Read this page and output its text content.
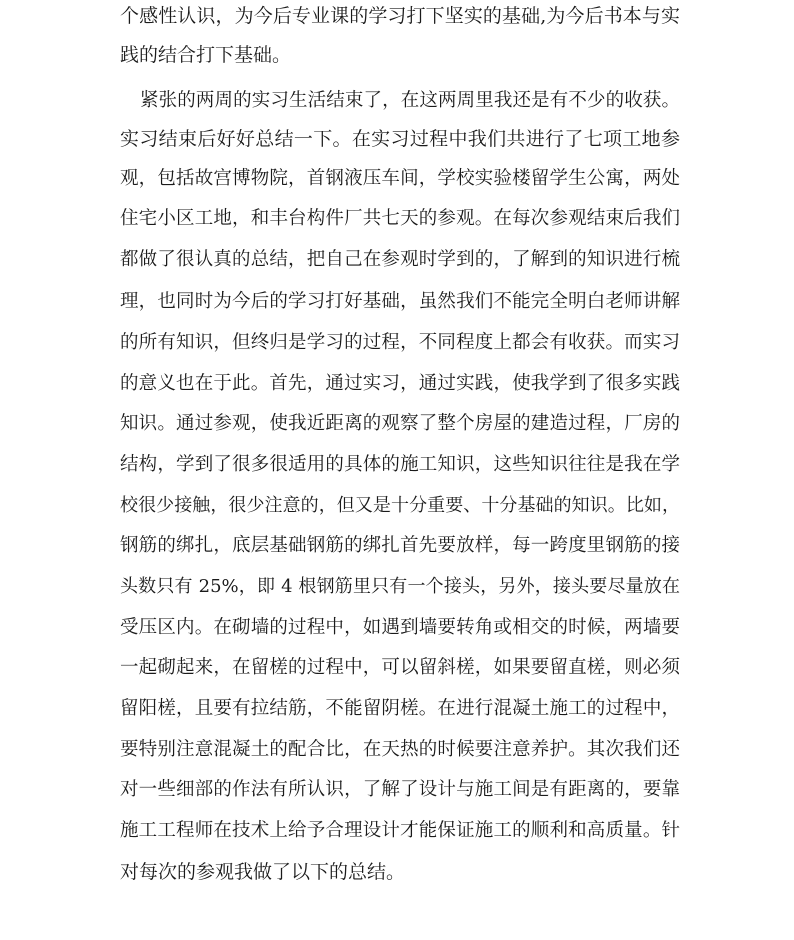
个感性认识，为今后专业课的学习打下坚实的基础,为今后书本与实
践的结合打下基础。
紧张的两周的实习生活结束了，在这两周里我还是有不少的收获。
实习结束后好好总结一下。在实习过程中我们共进行了七项工地参
观，包括故宫博物院，首钢液压车间，学校实验楼留学生公寓，两处
住宅小区工地，和丰台构件厂共七天的参观。在每次参观结束后我们
都做了很认真的总结，把自己在参观时学到的，了解到的知识进行梳
理，也同时为今后的学习打好基础，虽然我们不能完全明白老师讲解
的所有知识，但终归是学习的过程，不同程度上都会有收获。而实习
的意义也在于此。首先，通过实习，通过实践，使我学到了很多实践
知识。通过参观，使我近距离的观察了整个房屋的建造过程，厂房的
结构，学到了很多很适用的具体的施工知识，这些知识往往是我在学
校很少接触，很少注意的，但又是十分重要、十分基础的知识。比如，
钢筋的绑扎，底层基础钢筋的绑扎首先要放样，每一跨度里钢筋的接
头数只有 25%，即 4 根钢筋里只有一个接头，另外，接头要尽量放在
受压区内。在砌墙的过程中，如遇到墙要转角或相交的时候，两墙要
一起砌起来，在留槎的过程中，可以留斜槎，如果要留直槎，则必须
留阳槎，且要有拉结筋，不能留阴槎。在进行混凝土施工的过程中，
要特别注意混凝土的配合比，在天热的时候要注意养护。其次我们还
对一些细部的作法有所认识，了解了设计与施工间是有距离的，要靠
施工工程师在技术上给予合理设计才能保证施工的顺利和高质量。针
对每次的参观我做了以下的总结。
